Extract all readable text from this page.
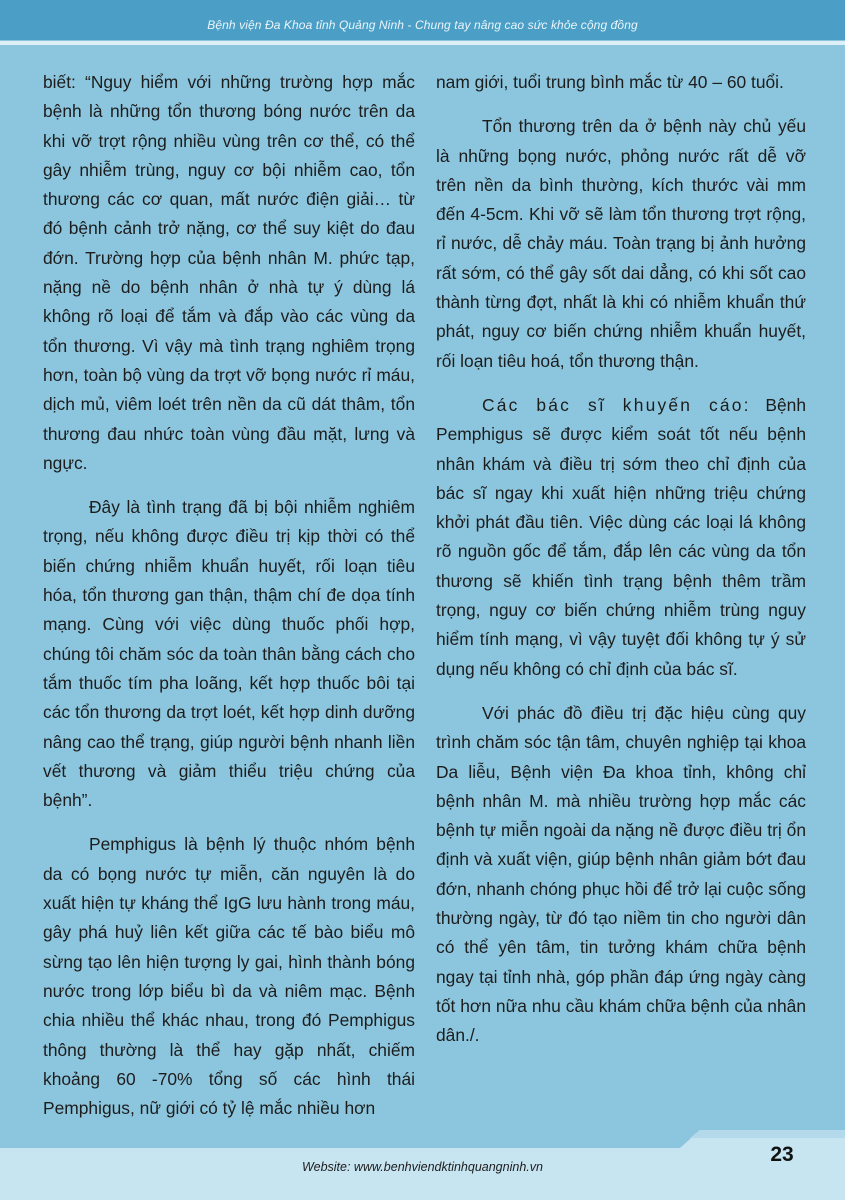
Bệnh viện Đa Khoa tỉnh Quảng Ninh - Chung tay nâng cao sức khỏe cộng đồng

biết: “Nguy hiểm với những trường hợp mắc bệnh là những tổn thương bóng nước trên da khi vỡ trợt rộng nhiều vùng trên cơ thể, có thể gây nhiễm trùng, nguy cơ bội nhiễm cao, tổn thương các cơ quan, mất nước điện giải… từ đó bệnh cảnh trở nặng, cơ thể suy kiệt do đau đớn. Trường hợp của bệnh nhân M. phức tạp, nặng nề do bệnh nhân ở nhà tự ý dùng lá không rõ loại để tắm và đắp vào các vùng da tổn thương. Vì vậy mà tình trạng nghiêm trọng hơn, toàn bộ vùng da trợt vỡ bọng nước rỉ máu, dịch mủ, viêm loét trên nền da cũ dát thâm, tổn thương đau nhức toàn vùng đầu mặt, lưng và ngực.

Đây là tình trạng đã bị bội nhiễm nghiêm trọng, nếu không được điều trị kịp thời có thể biến chứng nhiễm khuẩn huyết, rối loạn tiêu hóa, tổn thương gan thận, thậm chí đe dọa tính mạng. Cùng với việc dùng thuốc phối hợp, chúng tôi chăm sóc da toàn thân bằng cách cho tắm thuốc tím pha loãng, kết hợp thuốc bôi tại các tổn thương da trợt loét, kết hợp dinh dưỡng nâng cao thể trạng, giúp người bệnh nhanh liền vết thương và giảm thiểu triệu chứng của bệnh”.

Pemphigus là bệnh lý thuộc nhóm bệnh da có bọng nước tự miễn, căn nguyên là do xuất hiện tự kháng thể IgG lưu hành trong máu, gây phá huỷ liên kết giữa các tế bào biểu mô sừng tạo lên hiện tượng ly gai, hình thành bóng nước trong lớp biểu bì da và niêm mạc. Bệnh chia nhiều thể khác nhau, trong đó Pemphigus thông thường là thể hay gặp nhất, chiếm khoảng 60 -70% tổng số các hình thái Pemphigus, nữ giới có tỷ lệ mắc nhiều hơn

nam giới, tuổi trung bình mắc từ 40 – 60 tuổi.

Tổn thương trên da ở bệnh này chủ yếu là những bọng nước, phỏng nước rất dễ vỡ trên nền da bình thường, kích thước vài mm đến 4-5cm. Khi vỡ sẽ làm tổn thương trợt rộng, rỉ nước, dễ chảy máu. Toàn trạng bị ảnh hưởng rất sớm, có thể gây sốt dai dẳng, có khi sốt cao thành từng đợt, nhất là khi có nhiễm khuẩn thứ phát, nguy cơ biến chứng nhiễm khuẩn huyết, rối loạn tiêu hoá, tổn thương thận.

Các bác sĩ khuyến cáo: Bệnh Pemphigus sẽ được kiểm soát tốt nếu bệnh nhân khám và điều trị sớm theo chỉ định của bác sĩ ngay khi xuất hiện những triệu chứng khởi phát đầu tiên. Việc dùng các loại lá không rõ nguồn gốc để tắm, đắp lên các vùng da tổn thương sẽ khiến tình trạng bệnh thêm trầm trọng, nguy cơ biến chứng nhiễm trùng nguy hiểm tính mạng, vì vậy tuyệt đối không tự ý sử dụng nếu không có chỉ định của bác sĩ.

Với phác đồ điều trị đặc hiệu cùng quy trình chăm sóc tận tâm, chuyên nghiệp tại khoa Da liễu, Bệnh viện Đa khoa tỉnh, không chỉ bệnh nhân M. mà nhiều trường hợp mắc các bệnh tự miễn ngoài da nặng nề được điều trị ổn định và xuất viện, giúp bệnh nhân giảm bớt đau đớn, nhanh chóng phục hồi để trở lại cuộc sống thường ngày, từ đó tạo niềm tin cho người dân có thể yên tâm, tin tưởng khám chữa bệnh ngay tại tỉnh nhà, góp phần đáp ứng ngày càng tốt hơn nữa nhu cầu khám chữa bệnh của nhân dân./.

Website: www.benhviendktinhquangninh.vn
23
